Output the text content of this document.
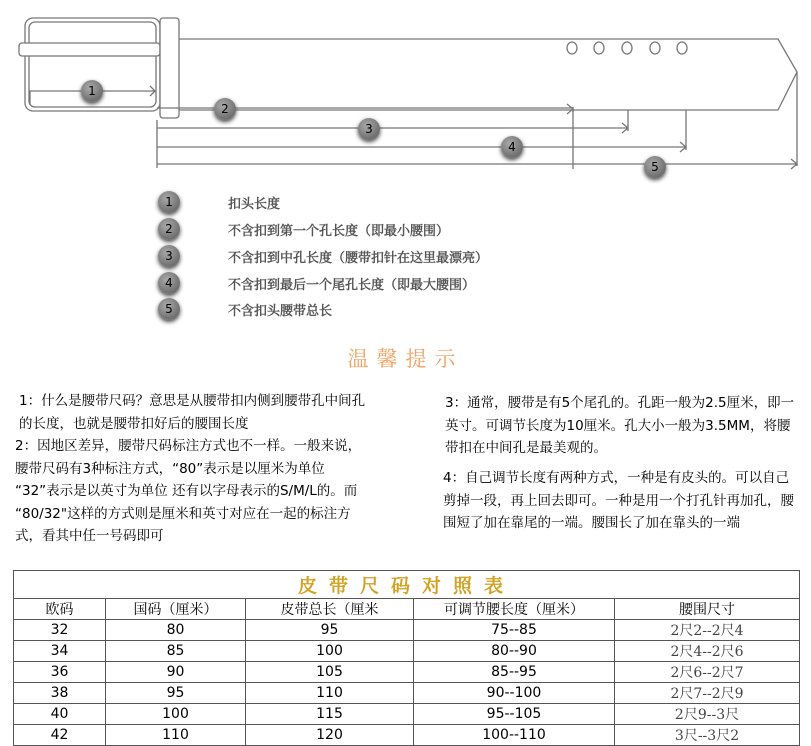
1
2
3
4
5
1	扣头长度
2	不含扣到第一个孔长度（即最小腰围）
3	不含扣到中孔长度（腰带扣针在这里最漂亮）
4	不含扣到最后一个尾孔长度（即最大腰围）
5	不含扣头腰带总长
温馨提示
1：什么是腰带尺码？意思是从腰带扣内侧到腰带孔中间孔的长度，也就是腰带扣好后的腰围长度
2：因地区差异，腰带尺码标注方式也不一样。一般来说，腰带尺码有3种标注方式，“80”表示是以厘米为单位 “32”表示是以英寸为单位 还有以字母表示的S/M/L的。而 “80/32"这样的方式则是厘米和英寸对应在一起的标注方式，看其中任一号码即可
3：通常，腰带是有5个尾孔的。孔距一般为2.5厘米，即一英寸。可调节长度为10厘米。孔大小一般为3.5MM，将腰带扣在中间孔是最美观的。
4：自己调节长度有两种方式，一种是有皮头的。可以自己剪掉一段，再上回去即可。一种是用一个打孔针再加孔，腰围短了加在靠尾的一端。腰围长了加在靠头的一端
皮带尺码对照表				
欧码	国码（厘米）	皮带总长（厘米	可调节腰长度（厘米）	腰围尺寸
32	80	95	75--85	2尺2--2尺4
34	85	100	80--90	2尺4--2尺6
36	90	105	85--95	2尺6--2尺7
38	95	110	90--100	2尺7--2尺9
40	100	115	95--105	2尺9--3尺
42	110	120	100--110	3尺--3尺2
